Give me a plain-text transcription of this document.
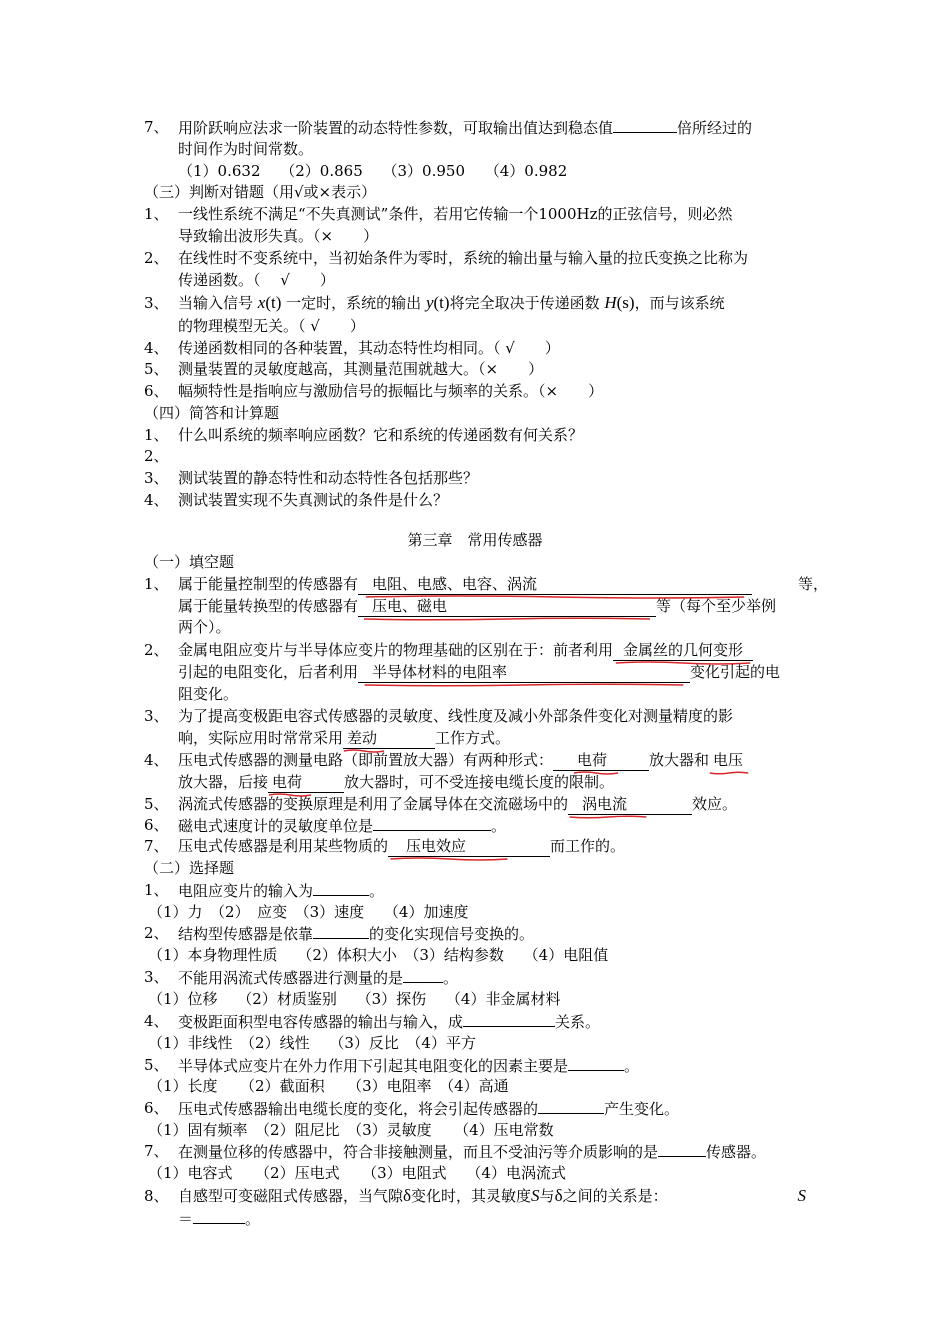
7、 用阶跃响应法求一阶装置的动态特性参数，可取输出值达到稳态值	倍所经过的
时间作为时间常数。
（1）0.632　 （2）0.865　 （3）0.950　 （4）0.982
（三）判断对错题（用√或×表示）
1、 一线性系统不满足“不失真测试”条件，若用它传输一个1000Hz的正弦信号，则必然
导致输出波形失真。（×　　）
2、 在线性时不变系统中，当初始条件为零时，系统的输出量与输入量的拉氏变换之比称为
传递函数。（　 √　　）
3、 当输入信号 x(t) 一定时，系统的输出 y(t)将完全取决于传递函数 H(s)，而与该系统
的物理模型无关。（ √　　）
4、 传递函数相同的各种装置，其动态特性均相同。（ √　　）
5、 测量装置的灵敏度越高，其测量范围就越大。（×　　）
6、 幅频特性是指响应与激励信号的振幅比与频率的关系。（×　　）
（四）简答和计算题
1、 什么叫系统的频率响应函数？它和系统的传递函数有何关系？
2、
3、 测试装置的静态特性和动态特性各包括那些？
4、 测试装置实现不失真测试的条件是什么？
第三章　常用传感器
（一）填空题
1、 属于能量控制型的传感器有 电阻、电感、电容、涡流	等，
属于能量转换型的传感器有 压电、磁电	等（每个至少举例
两个）。
2、 金属电阻应变片与半导体应变片的物理基础的区别在于：前者利用 金属丝的几何变形
引起的电阻变化，后者利用 半导体材料的电阻率	变化引起的电
阻变化。
3、 为了提高变极距电容式传感器的灵敏度、线性度及减小外部条件变化对测量精度的影
响，实际应用时常常采用 差动	工作方式。
4、 压电式传感器的测量电路（即前置放大器）有两种形式： 电荷	放大器和 电压
放大器，后接 电荷	放大器时，可不受连接电缆长度的限制。
5、 涡流式传感器的变换原理是利用了金属导体在交流磁场中的 涡电流	效应。
6、 磁电式速度计的灵敏度单位是	。
7、 压电式传感器是利用某些物质的 压电效应	而工作的。
（二）选择题
1、 电阻应变片的输入为	。
（1）力　（2）　应变　（3）速度　 （4）加速度
2、 结构型传感器是依靠	的变化实现信号变换的。
（1）本身物理性质　 （2）体积大小　（3）结构参数　 （4）电阻值
3、 不能用涡流式传感器进行测量的是	。
（1）位移　 （2）材质鉴别　 （3）探伤　 （4）非金属材料
4、 变极距面积型电容传感器的输出与输入，成	关系。
（1）非线性　（2）线性　 （3）反比　（4）平方
5、 半导体式应变片在外力作用下引起其电阻变化的因素主要是	。
（1）长度　　（2）截面积　　（3）电阻率　（4）高通
6、 压电式传感器输出电缆长度的变化，将会引起传感器的	产生变化。
（1）固有频率　（2）阻尼比　（3）灵敏度　　（4）压电常数
7、 在测量位移的传感器中，符合非接触测量，而且不受油污等介质影响的是	传感器。
（1）电容式　　（2）压电式　　（3）电阻式　 （4）电涡流式
8、 自感型可变磁阻式传感器，当气隙δ变化时，其灵敏度S与δ之间的关系是：	S
＝	。
